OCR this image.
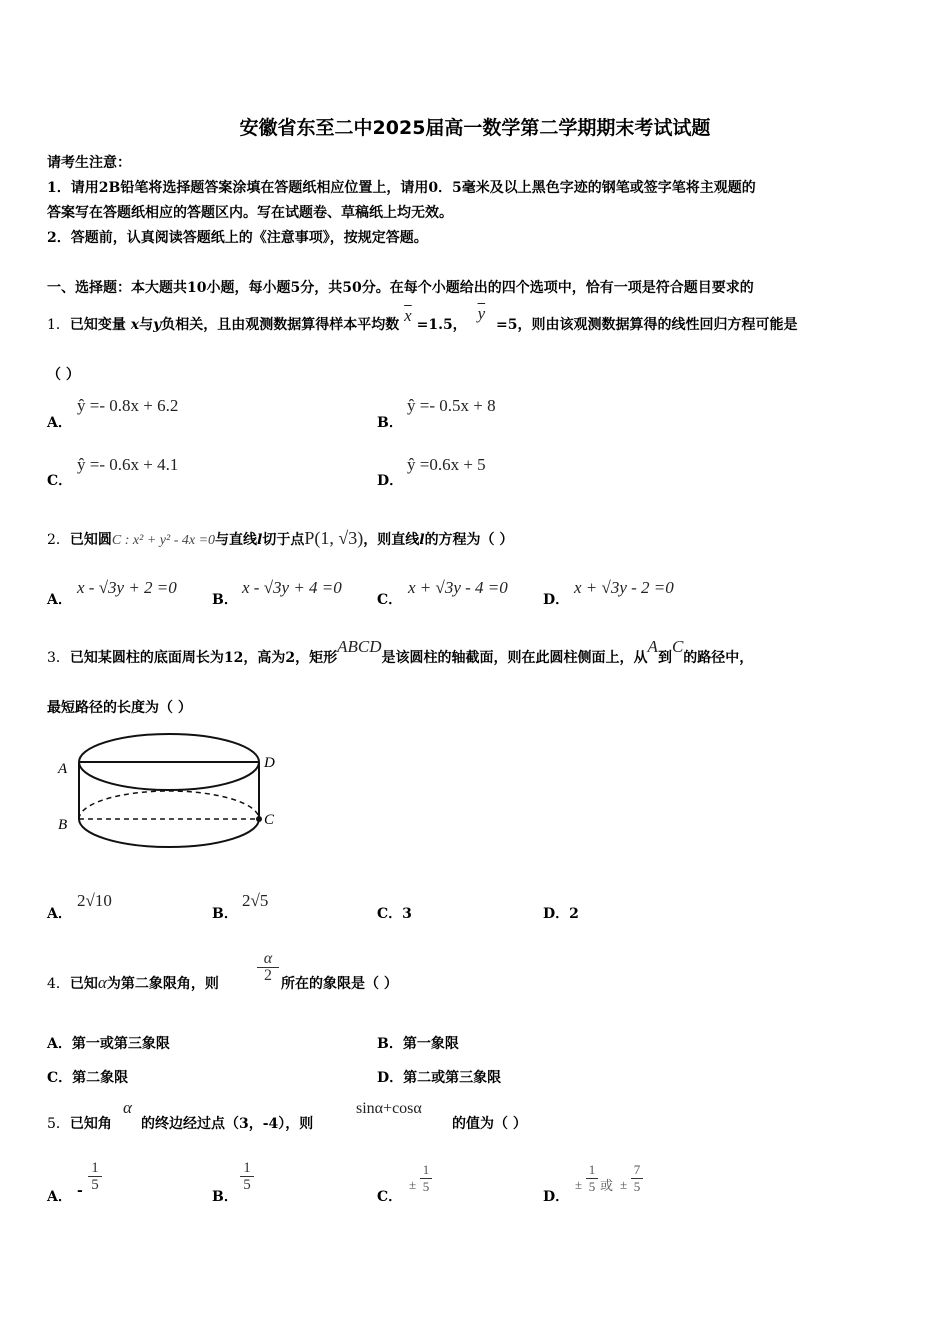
安徽省东至二中2025届高一数学第二学期期末考试试题
请考生注意：
1．请用2B铅笔将选择题答案涂填在答题纸相应位置上，请用0．5毫米及以上黑色字迹的钢笔或签字笔将主观题的
答案写在答题纸相应的答题区内。写在试题卷、草稿纸上均无效。
2．答题前，认真阅读答题纸上的《注意事项》，按规定答题。
一、选择题：本大题共10小题，每小题5分，共50分。在每个小题给出的四个选项中，恰有一项是符合题目要求的
1．已知变量 x与y负相关，且由观测数据算得样本平均数 $\overline{x} =1.5$， $\overline{y} =5$，则由该观测数据算得的线性回归方程可能是
（ ）
A．
ŷ =- 0.8x + 6.2
B．
ŷ =- 0.5x + 8
C．
ŷ =- 0.6x + 4.1
D．
ŷ =0.6x + 5
2．已知圆C : x² + y² - 4x =0与直线l切于点P(1, √3)，则直线l的方程为（ ）
A．
x - √3y + 2 =0
B．
x - √3y + 4 =0
C．
x + √3y - 4 =0
D．
x + √3y - 2 =0
3．已知某圆柱的底面周长为12，高为2，矩形ABCD是该圆柱的轴截面，则在此圆柱侧面上，从A到C的路径中，
最短路径的长度为（ ）
A
B
D
C
A．
2√10
B．
2√5
C．3	D．2
4．已知α为第二象限角，则 $\frac{\alpha}{2}$ 所在的象限是（ ）
A．第一或第三象限	B．第一象限
C．第二象限	D．第二或第三象限
5．已知角
α
的终边经过点（3，-4），则
sinα+cosα
的值为（ ）
A． - $\frac{1}{5}$
B．
$\frac{1}{5}$
C．
± $\frac{1}{5}$
D．
± $\frac{1}{5}$ 或 ± $\frac{7}{5}$
